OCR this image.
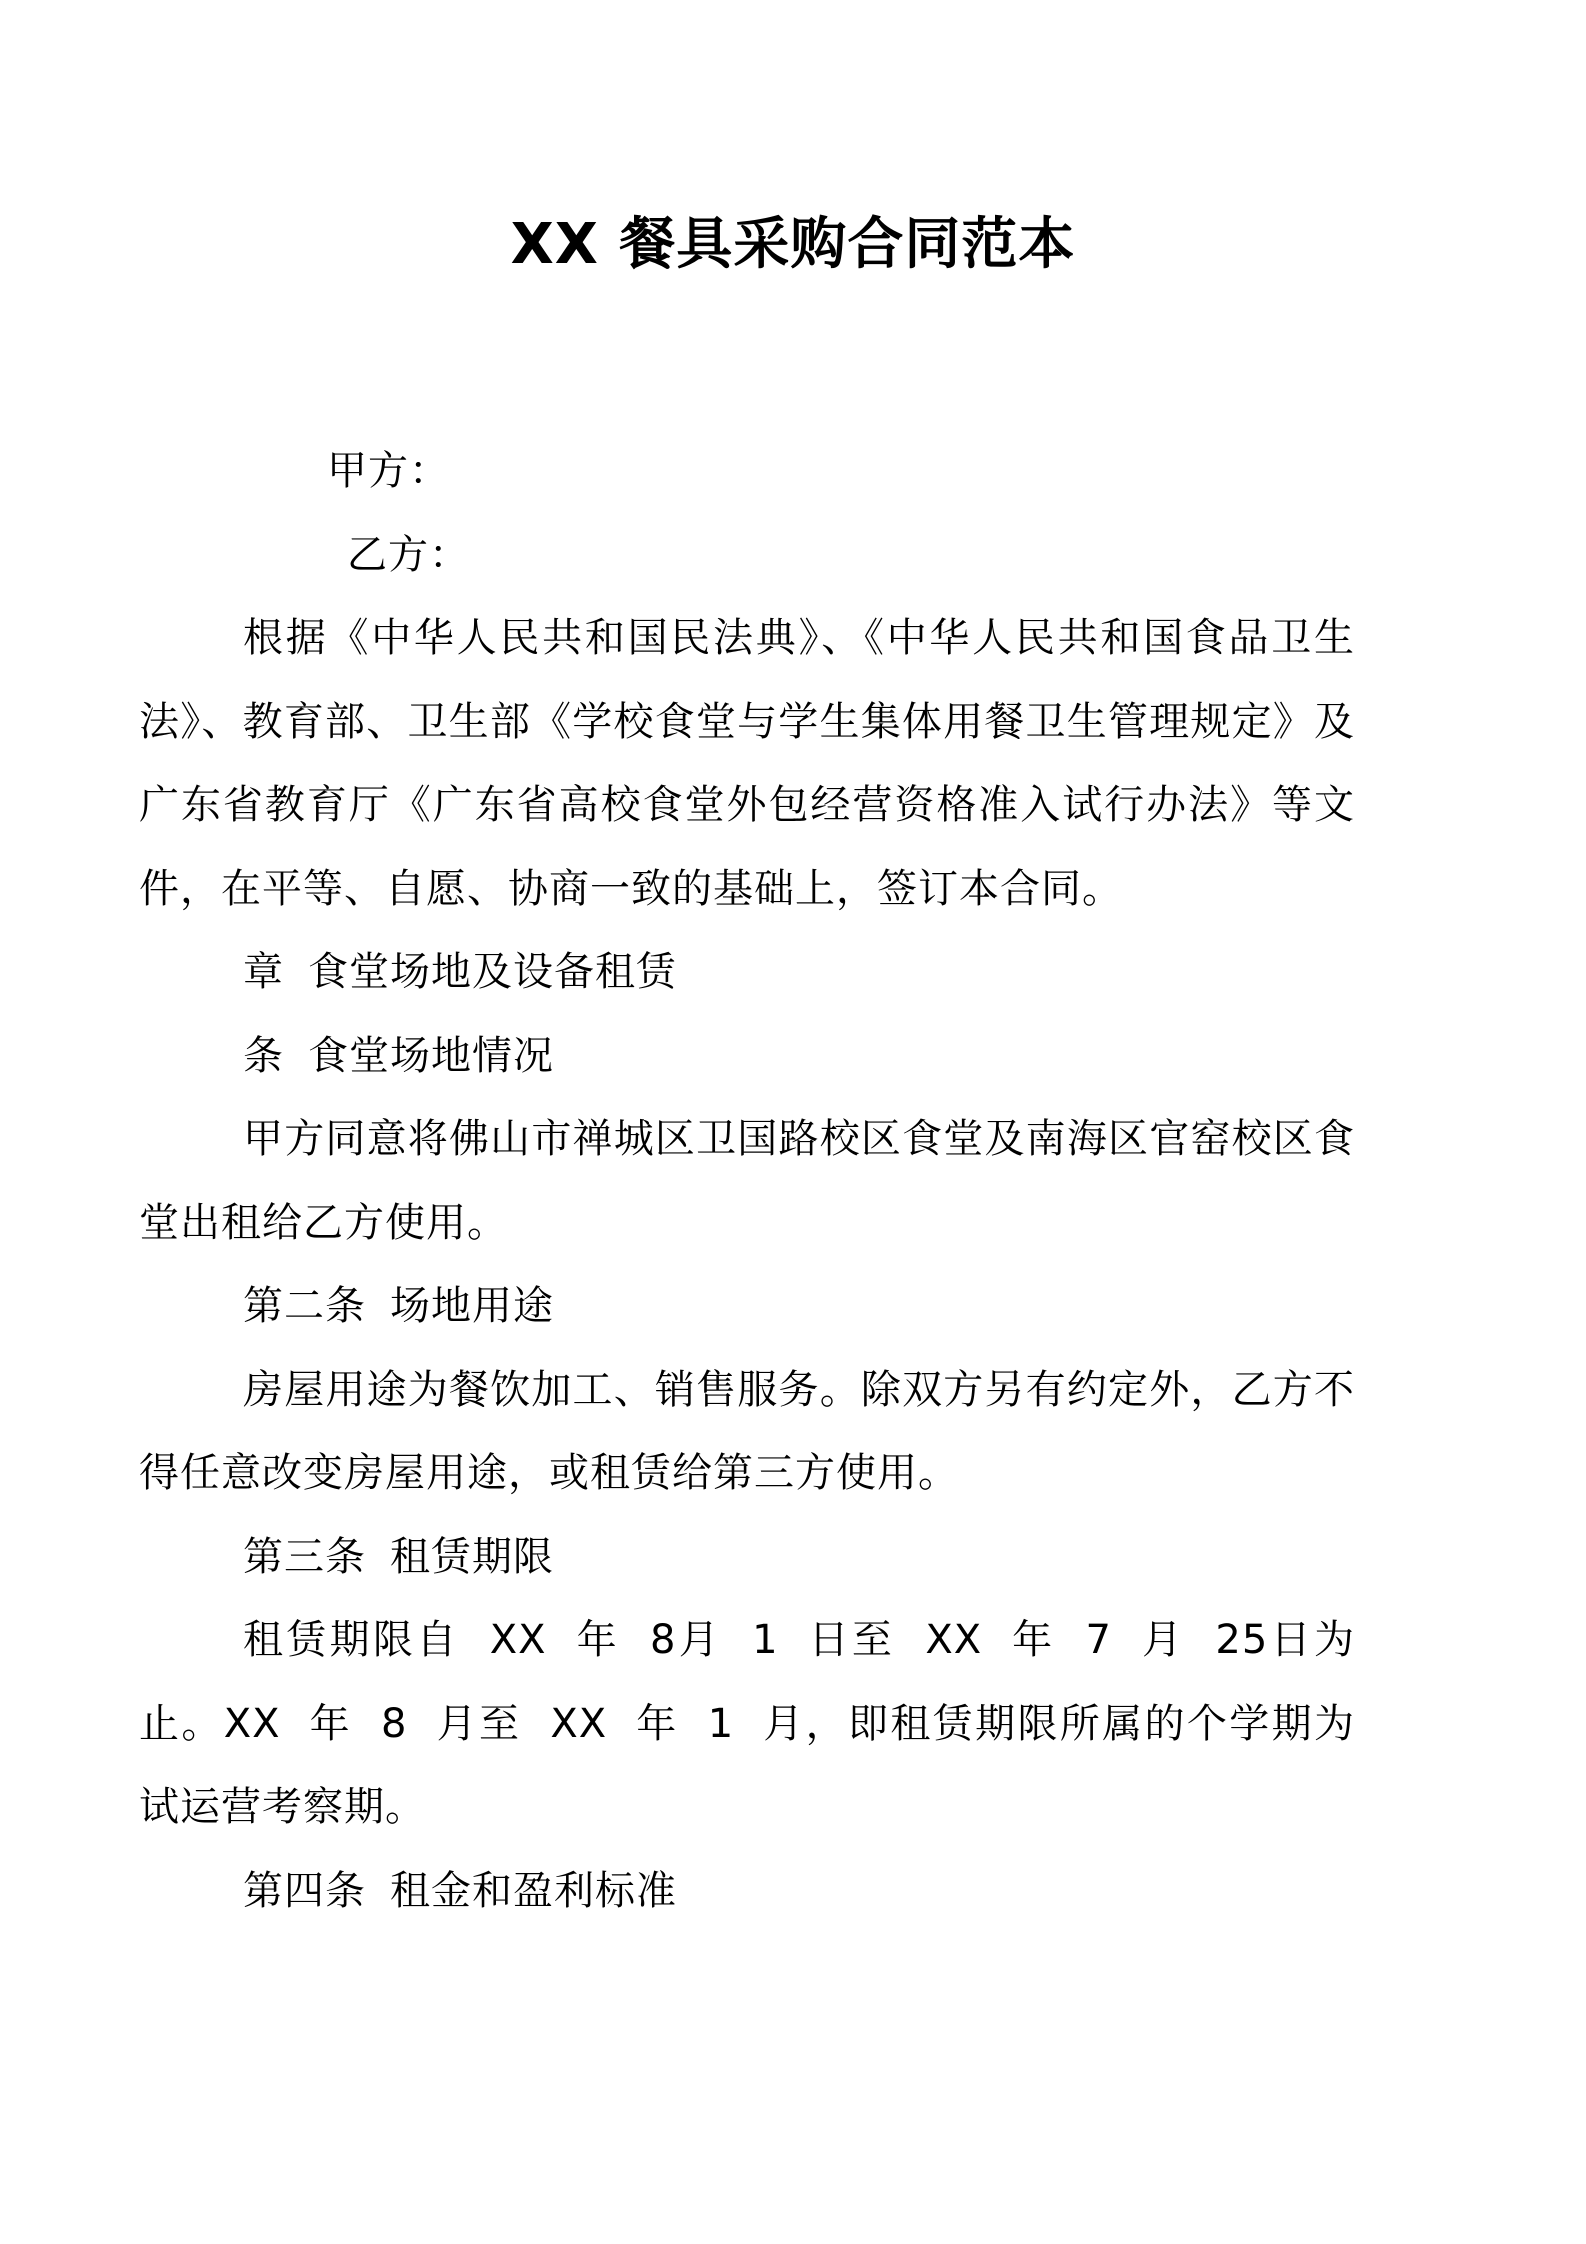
XX 餐具采购合同范本

甲方：

乙方：

根据《中华人民共和国民法典》、《中华人民共和国食品卫生法》、教育部、卫生部《学校食堂与学生集体用餐卫生管理规定》及广东省教育厅《广东省高校食堂外包经营资格准入试行办法》等文件，在平等、自愿、协商一致的基础上，签订本合同。

章 食堂场地及设备租赁

条 食堂场地情况

甲方同意将佛山市禅城区卫国路校区食堂及南海区官窑校区食堂出租给乙方使用。

第二条 场地用途

房屋用途为餐饮加工、销售服务。除双方另有约定外，乙方不得任意改变房屋用途，或租赁给第三方使用。

第三条 租赁期限

租赁期限自 XX 年 8月 1 日至 XX 年 7 月 25日为止。XX 年 8 月至 XX 年 1 月，即租赁期限所属的个学期为试运营考察期。

第四条 租金和盈利标准
